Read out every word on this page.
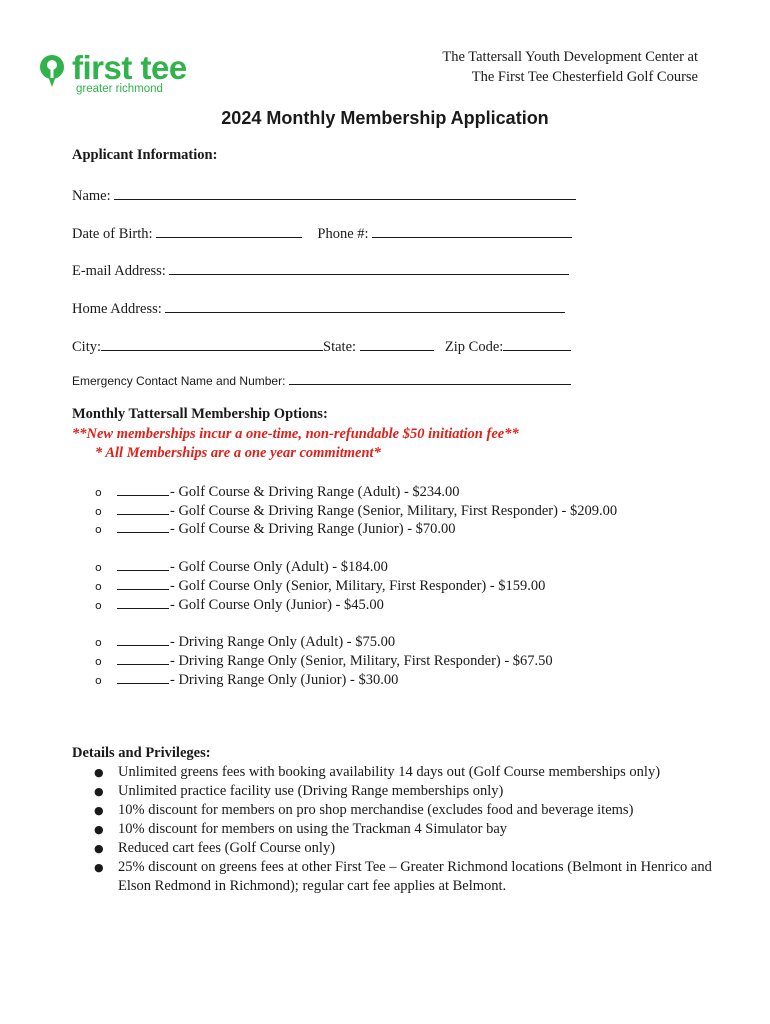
first tee
greater richmond
The Tattersall Youth Development Center at
The First Tee Chesterfield Golf Course
2024 Monthly Membership Application
Applicant Information:
Name:
Date of Birth:	Phone #:
E-mail Address:
Home Address:
City:	State:	Zip Code:
Emergency Contact Name and Number:
Monthly Tattersall Membership Options:
**New memberships incur a one-time, non-refundable $50 initiation fee**
* All Memberships are a one year commitment*
o	- Golf Course & Driving Range (Adult) - $234.00
o	- Golf Course & Driving Range (Senior, Military, First Responder) - $209.00
o	- Golf Course & Driving Range (Junior) - $70.00
o	- Golf Course Only (Adult) - $184.00
o	- Golf Course Only (Senior, Military, First Responder) - $159.00
o	- Golf Course Only (Junior) - $45.00
o	- Driving Range Only (Adult) - $75.00
o	- Driving Range Only (Senior, Military, First Responder) - $67.50
o	- Driving Range Only (Junior) - $30.00
Details and Privileges:
● Unlimited greens fees with booking availability 14 days out (Golf Course memberships only)
● Unlimited practice facility use (Driving Range memberships only)
● 10% discount for members on pro shop merchandise (excludes food and beverage items)
● 10% discount for members on using the Trackman 4 Simulator bay
● Reduced cart fees (Golf Course only)
● 25% discount on greens fees at other First Tee – Greater Richmond locations (Belmont in Henrico and Elson Redmond in Richmond); regular cart fee applies at Belmont.
